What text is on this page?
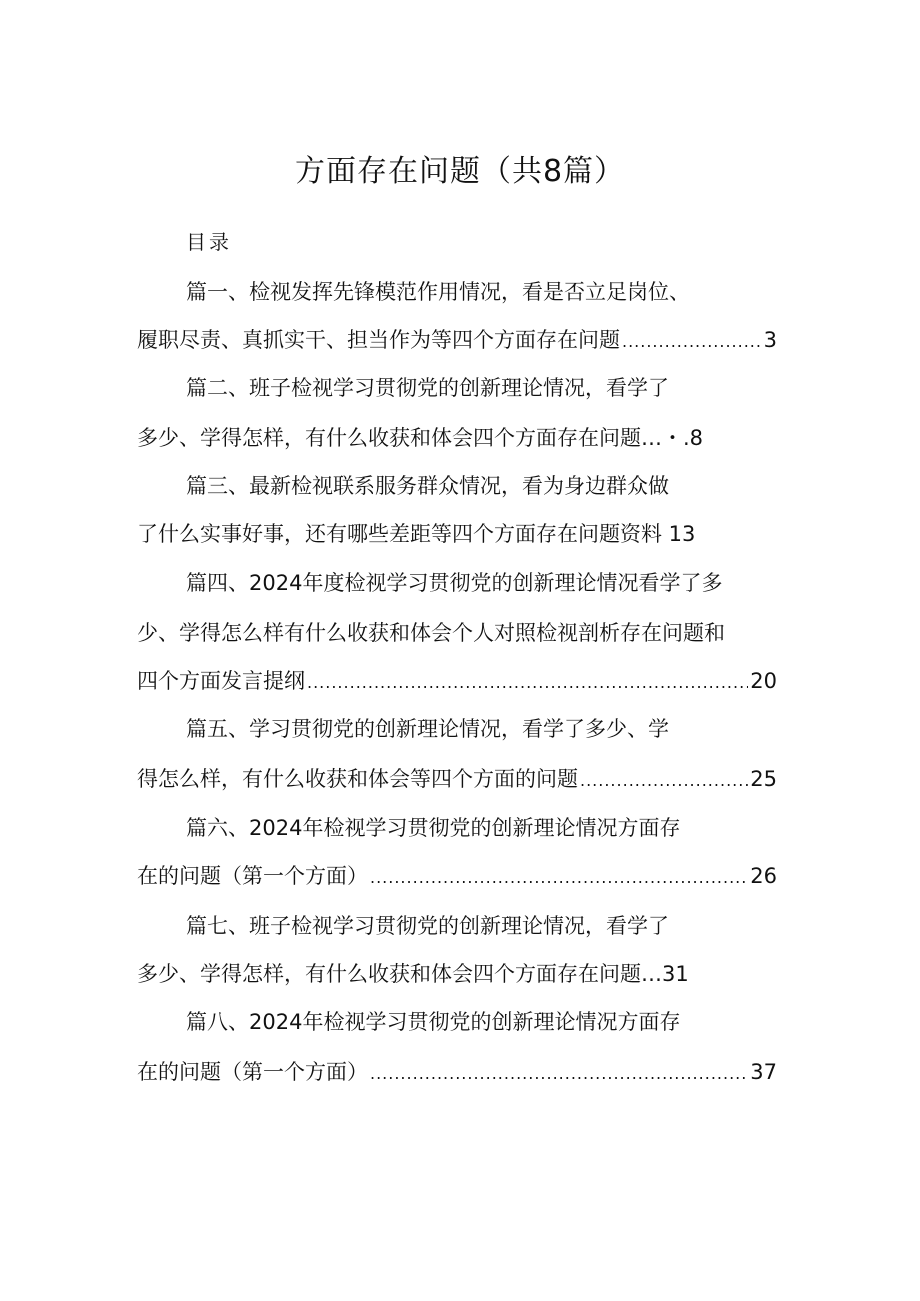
方面存在问题（共8篇）
目录
篇一、检视发挥先锋模范作用情况，看是否立足岗位、
履职尽责、真抓实干、担当作为等四个方面存在问题 .....	3
篇二、班子检视学习贯彻党的创新理论情况，看学了
多少、学得怎样，有什么收获和体会四个方面存在问题…・.8
篇三、最新检视联系服务群众情况，看为身边群众做
了什么实事好事，还有哪些差距等四个方面存在问题资料 13
篇四、2024年度检视学习贯彻党的创新理论情况看学了多
少、学得怎么样有什么收获和体会个人对照检视剖析存在问题和
四个方面发言提纲 .....	20
篇五、学习贯彻党的创新理论情况，看学了多少、学
得怎么样，有什么收获和体会等四个方面的问题 .....	25
篇六、2024年检视学习贯彻党的创新理论情况方面存
在的问题（第一个方面） .....	26
篇七、班子检视学习贯彻党的创新理论情况，看学了
多少、学得怎样，有什么收获和体会四个方面存在问题…31
篇八、2024年检视学习贯彻党的创新理论情况方面存
在的问题（第一个方面） .....	37
